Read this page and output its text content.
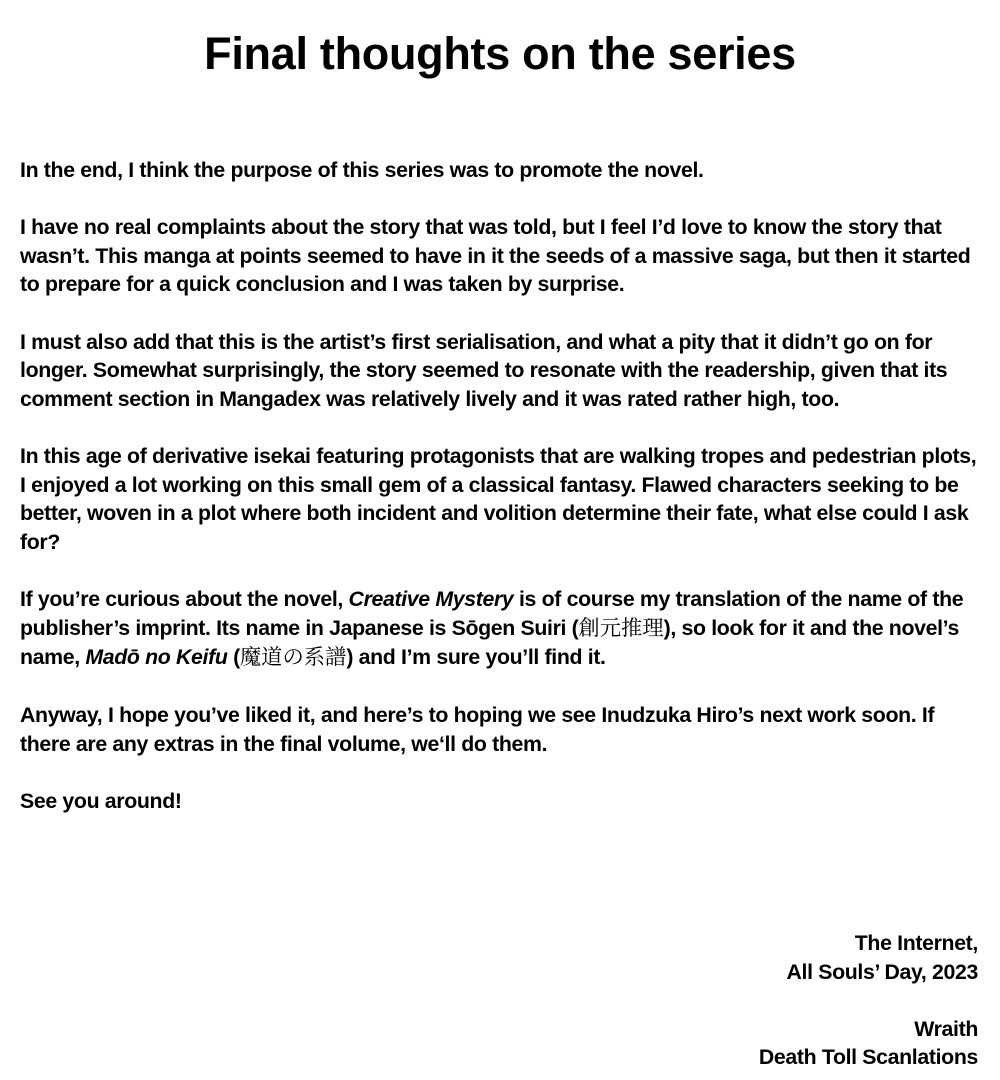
Final thoughts on the series

In the end, I think the purpose of this series was to promote the novel.

I have no real complaints about the story that was told, but I feel I’d love to know the story that wasn’t. This manga at points seemed to have in it the seeds of a massive saga, but then it started to prepare for a quick conclusion and I was taken by surprise.

I must also add that this is the artist’s first serialisation, and what a pity that it didn’t go on for longer. Somewhat surprisingly, the story seemed to resonate with the readership, given that its comment section in Mangadex was relatively lively and it was rated rather high, too.

In this age of derivative isekai featuring protagonists that are walking tropes and pedestrian plots, I enjoyed a lot working on this small gem of a classical fantasy. Flawed characters seeking to be better, woven in a plot where both incident and volition determine their fate, what else could I ask for?

If you’re curious about the novel, Creative Mystery is of course my translation of the name of the publisher’s imprint. Its name in Japanese is Sōgen Suiri (創元推理), so look for it and the novel’s name, Madō no Keifu (魔道の系譜) and I’m sure you’ll find it.

Anyway, I hope you’ve liked it, and here’s to hoping we see Inudzuka Hiro’s next work soon. If there are any extras in the final volume, we‘ll do them.

See you around!

The Internet,
All Souls’ Day, 2023
Wraith
Death Toll Scanlations
